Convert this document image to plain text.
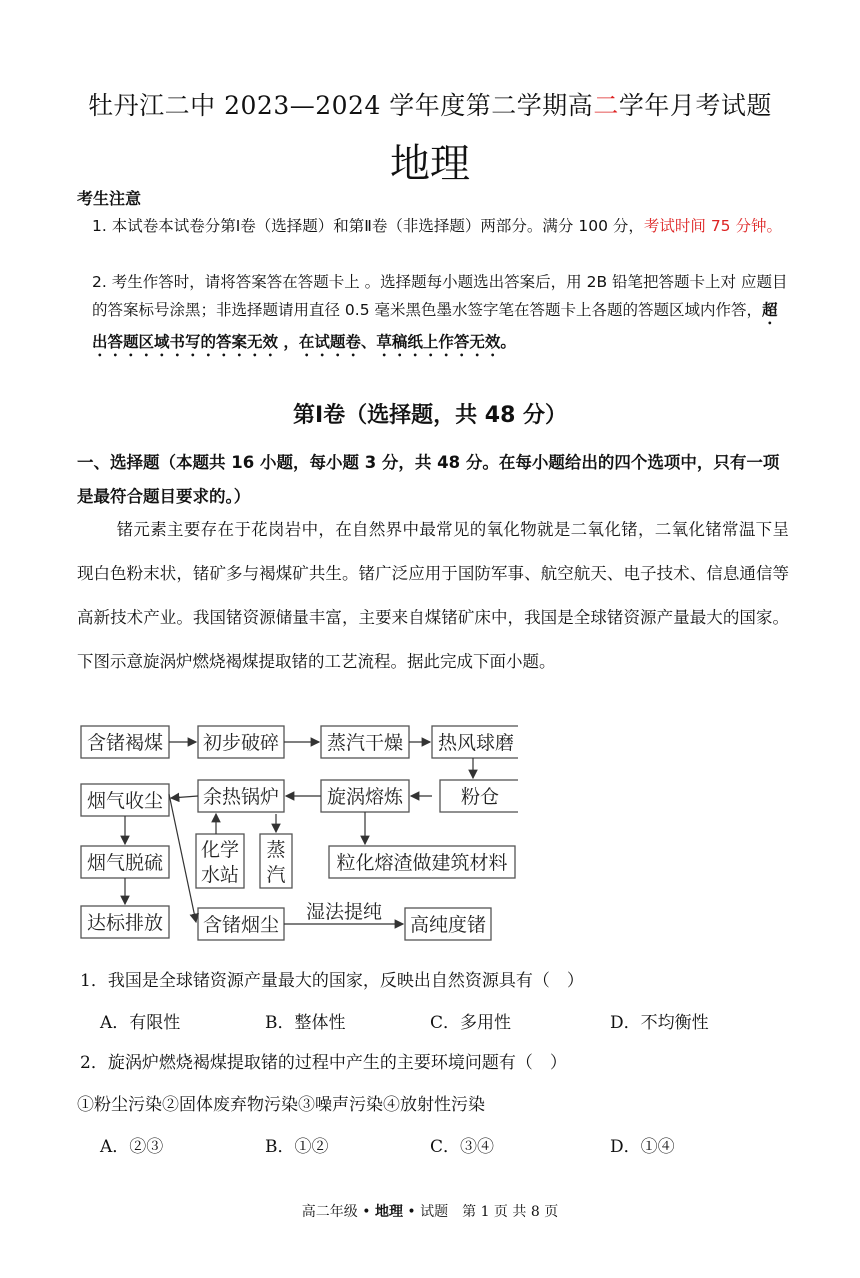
牡丹江二中 2023—2024 学年度第二学期高二学年月考试题
地理
考生注意
1. 本试卷本试卷分第Ⅰ卷（选择题）和第Ⅱ卷（非选择题）两部分。满分 100 分，考试时间 75 分钟。
2. 考生作答时，请将答案答在答题卡上 。选择题每小题选出答案后，用 2B 铅笔把答题卡上对 应题目的答案标号涂黑；非选择题请用直径 0.5 毫米黑色墨水签字笔在答题卡上各题的答题区域内作答，超出答题区域书写的答案无效 ，在试题卷、草稿纸上作答无效。
第Ⅰ卷（选择题，共 48 分）
一、选择题（本题共 16 小题，每小题 3 分，共 48 分。在每小题给出的四个选项中，只有一项是最符合题目要求的。）
锗元素主要存在于花岗岩中，在自然界中最常见的氧化物就是二氧化锗，二氧化锗常温下呈现白色粉末状，锗矿多与褐煤矿共生。锗广泛应用于国防军事、航空航天、电子技术、信息通信等高新技术产业。我国锗资源储量丰富，主要来自煤锗矿床中，我国是全球锗资源产量最大的国家。下图示意旋涡炉燃烧褐煤提取锗的工艺流程。据此完成下面小题。
含锗褐煤 初步破碎	蒸汽干燥 热风球磨
粉仓
旋涡熔炼
余热锅炉
烟气收尘
化学
水站
蒸
汽
粒化熔渣做建筑材料
烟气脱硫
达标排放 含锗烟尘
湿法提纯
高纯度锗
1．我国是全球锗资源产量最大的国家，反映出自然资源具有（　）
A．有限性	B．整体性	C．多用性	D．不均衡性
2．旋涡炉燃烧褐煤提取锗的过程中产生的主要环境问题有（　）
①粉尘污染②固体废弃物污染③噪声污染④放射性污染
A．②③	B．①②	C．③④	D．①④
高二年级 • 地理 • 试题　第 1 页 共 8 页
